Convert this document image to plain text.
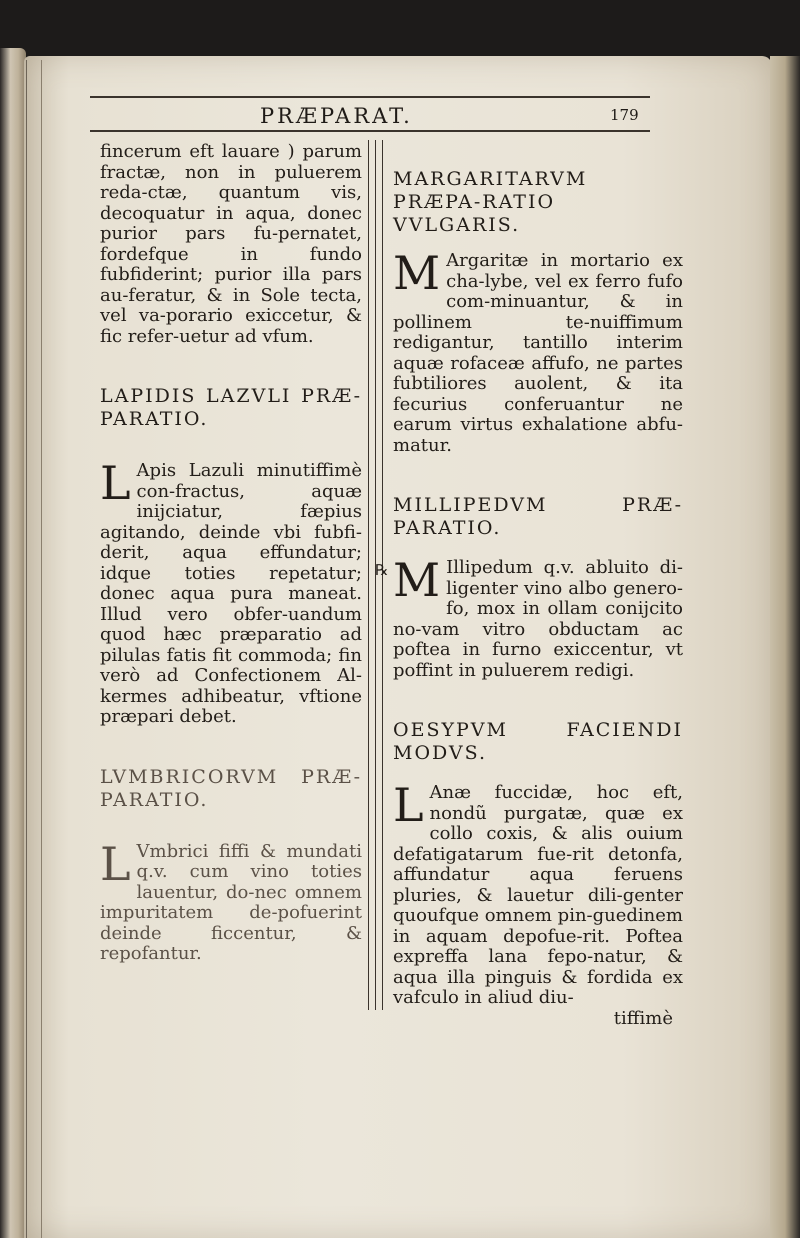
PRÆPARAT.	179

fincerum eft lauare ) parum fractæ, non in puluerem reda-ctæ, quantum vis, decoquatur in aqua, donec purior pars fu-pernatet, fordefque in fundo fubfiderint; purior illa pars au-feratur, & in Sole tecta, vel va-porario exiccetur, & fic refer-uetur ad vfum.

LAPIDIS LAZVLI PRÆ-PARATIO.

L Apis Lazuli minutiffimè con-fractus, aquæ inijciatur, fæpius agitando, deinde vbi fubfi-derit, aqua effundatur; idque toties repetatur; donec aqua pura maneat. Illud vero obfer-uandum quod hæc præparatio ad pilulas fatis fit commoda; fin verò ad Confectionem Al-kermes adhibeatur, vftione præpari debet.

LVMBRICORVM PRÆ-PARATIO.

L Vmbrici fiffi & mundati q.v. cum vino toties lauentur, do-nec omnem impuritatem de-pofuerint deinde ficcentur, & repofantur.

MARGARITARVM PRÆPA-RATIO VVLGARIS.

M Argaritæ in mortario ex cha-lybe, vel ex ferro fufo com-minuantur, & in pollinem te-nuiffimum redigantur, tantillo interim aquæ rofaceæ affufo, ne partes fubtiliores auolent, & ita fecurius conferuantur ne earum virtus exhalatione abfu-matur.

MILLIPEDVM PRÆ-PARATIO.

℞ M Illipedum q.v. abluito di-ligenter vino albo genero-fo, mox in ollam conijcito no-vam vitro obductam ac poftea in furno exiccentur, vt poffint in puluerem redigi.

OESYPVM FACIENDI MODVS.

L Anæ fuccidæ, hoc eft, nondũ purgatæ, quæ ex collo coxis, & alis ouium defatigatarum fue-rit detonfa, affundatur aqua feruens pluries, & lauetur dili-genter quoufque omnem pin-guedinem in aquam depofue-rit. Poftea expreffa lana fepo-natur, & aqua illa pinguis & fordida ex vafculo in aliud diu-

tiffimè
